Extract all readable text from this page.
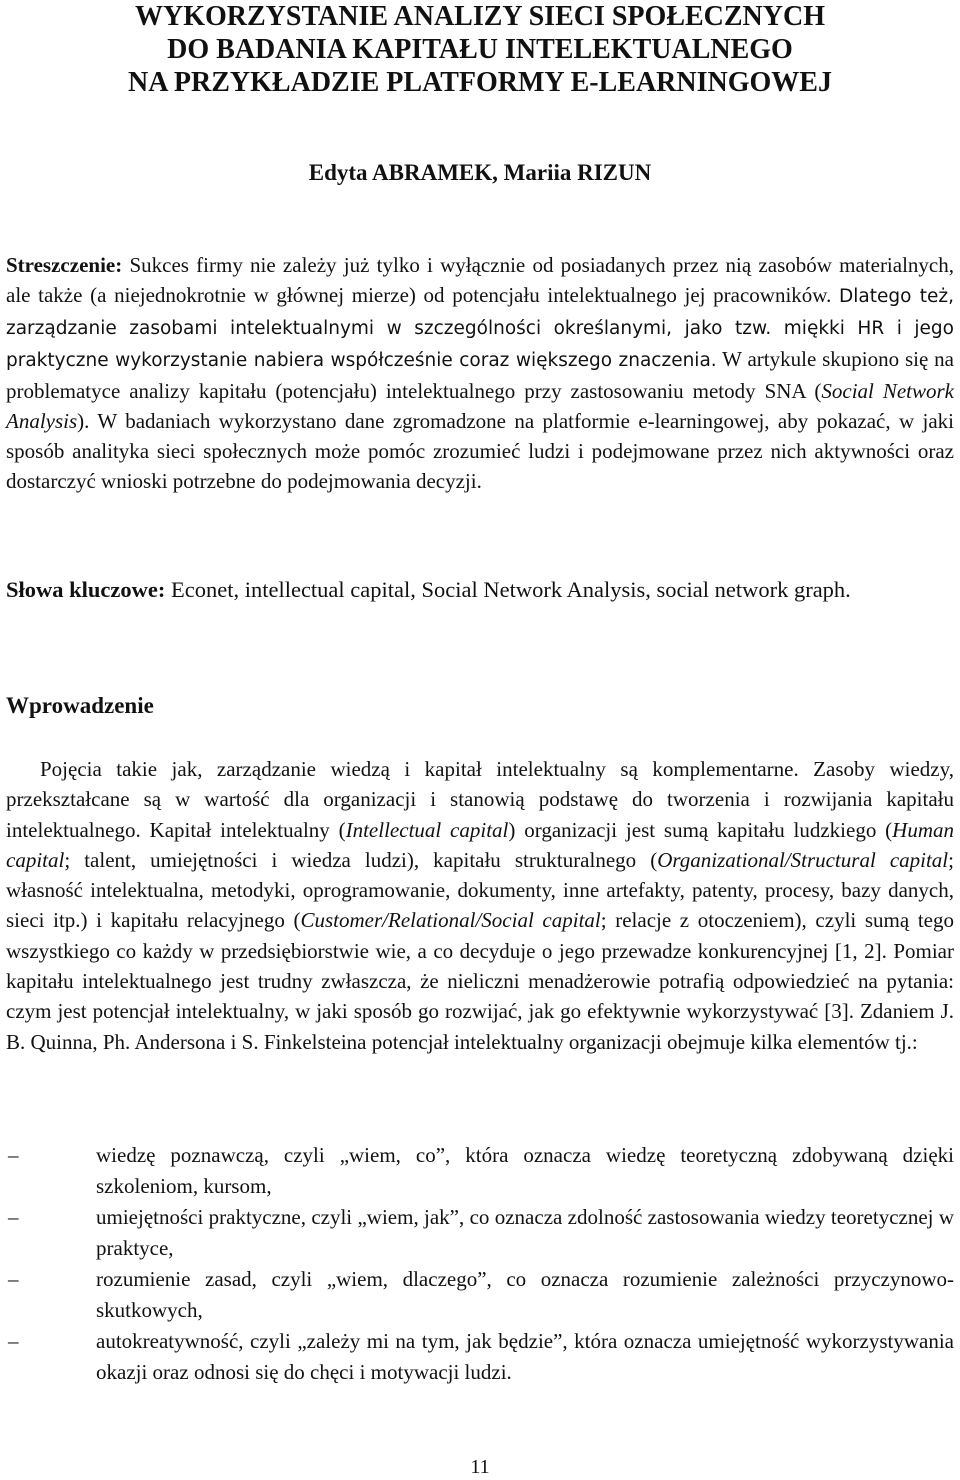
WYKORZYSTANIE ANALIZY SIECI SPOŁECZNYCH
DO BADANIA KAPITAŁU INTELEKTUALNEGO
NA PRZYKŁADZIE PLATFORMY E-LEARNINGOWEJ

Edyta ABRAMEK, Mariia RIZUN

Streszczenie: Sukces firmy nie zależy już tylko i wyłącznie od posiadanych przez nią zasobów materialnych, ale także (a niejednokrotnie w głównej mierze) od potencjału intelektualnego jej pracowników. Dlatego też, zarządzanie zasobami intelektualnymi w szczególności określanymi, jako tzw. miękki HR i jego praktyczne wykorzystanie nabiera współcześnie coraz większego znaczenia. W artykule skupiono się na problematyce analizy kapitału (potencjału) intelektualnego przy zastosowaniu metody SNA (Social Network Analysis). W badaniach wykorzystano dane zgromadzone na platformie e-learningowej, aby pokazać, w jaki sposób analityka sieci społecznych może pomóc zrozumieć ludzi i podejmowane przez nich aktywności oraz dostarczyć wnioski potrzebne do podejmowania decyzji.

Słowa kluczowe: Econet, intellectual capital, Social Network Analysis, social network graph.

Wprowadzenie

Pojęcia takie jak, zarządzanie wiedzą i kapitał intelektualny są komplementarne. Zasoby wiedzy, przekształcane są w wartość dla organizacji i stanowią podstawę do tworzenia i rozwijania kapitału intelektualnego. Kapitał intelektualny (Intellectual capital) organizacji jest sumą kapitału ludzkiego (Human capital; talent, umiejętności i wiedza ludzi), kapitału strukturalnego (Organizational/Structural capital; własność intelektualna, metodyki, oprogramowanie, dokumenty, inne artefakty, patenty, procesy, bazy danych, sieci itp.) i kapitału relacyjnego (Customer/Relational/Social capital; relacje z otoczeniem), czyli sumą tego wszystkiego co każdy w przedsiębiorstwie wie, a co decyduje o jego przewadze konkurencyjnej [1, 2]. Pomiar kapitału intelektualnego jest trudny zwłaszcza, że nieliczni menadżerowie potrafią odpowiedzieć na pytania: czym jest potencjał intelektualny, w jaki sposób go rozwijać, jak go efektywnie wykorzystywać [3]. Zdaniem J. B. Quinna, Ph. Andersona i S. Finkelsteina potencjał intelektualny organizacji obejmuje kilka elementów tj.:

–	wiedzę poznawczą, czyli „wiem, co”, która oznacza wiedzę teoretyczną zdobywaną dzięki szkoleniom, kursom,
–	umiejętności praktyczne, czyli „wiem, jak”, co oznacza zdolność zastosowania wiedzy teoretycznej w praktyce,
–	rozumienie zasad, czyli „wiem, dlaczego”, co oznacza rozumienie zależności przyczynowo-skutkowych,
–	autokreatywność, czyli „zależy mi na tym, jak będzie”, która oznacza umiejętność wykorzystywania okazji oraz odnosi się do chęci i motywacji ludzi.

11
